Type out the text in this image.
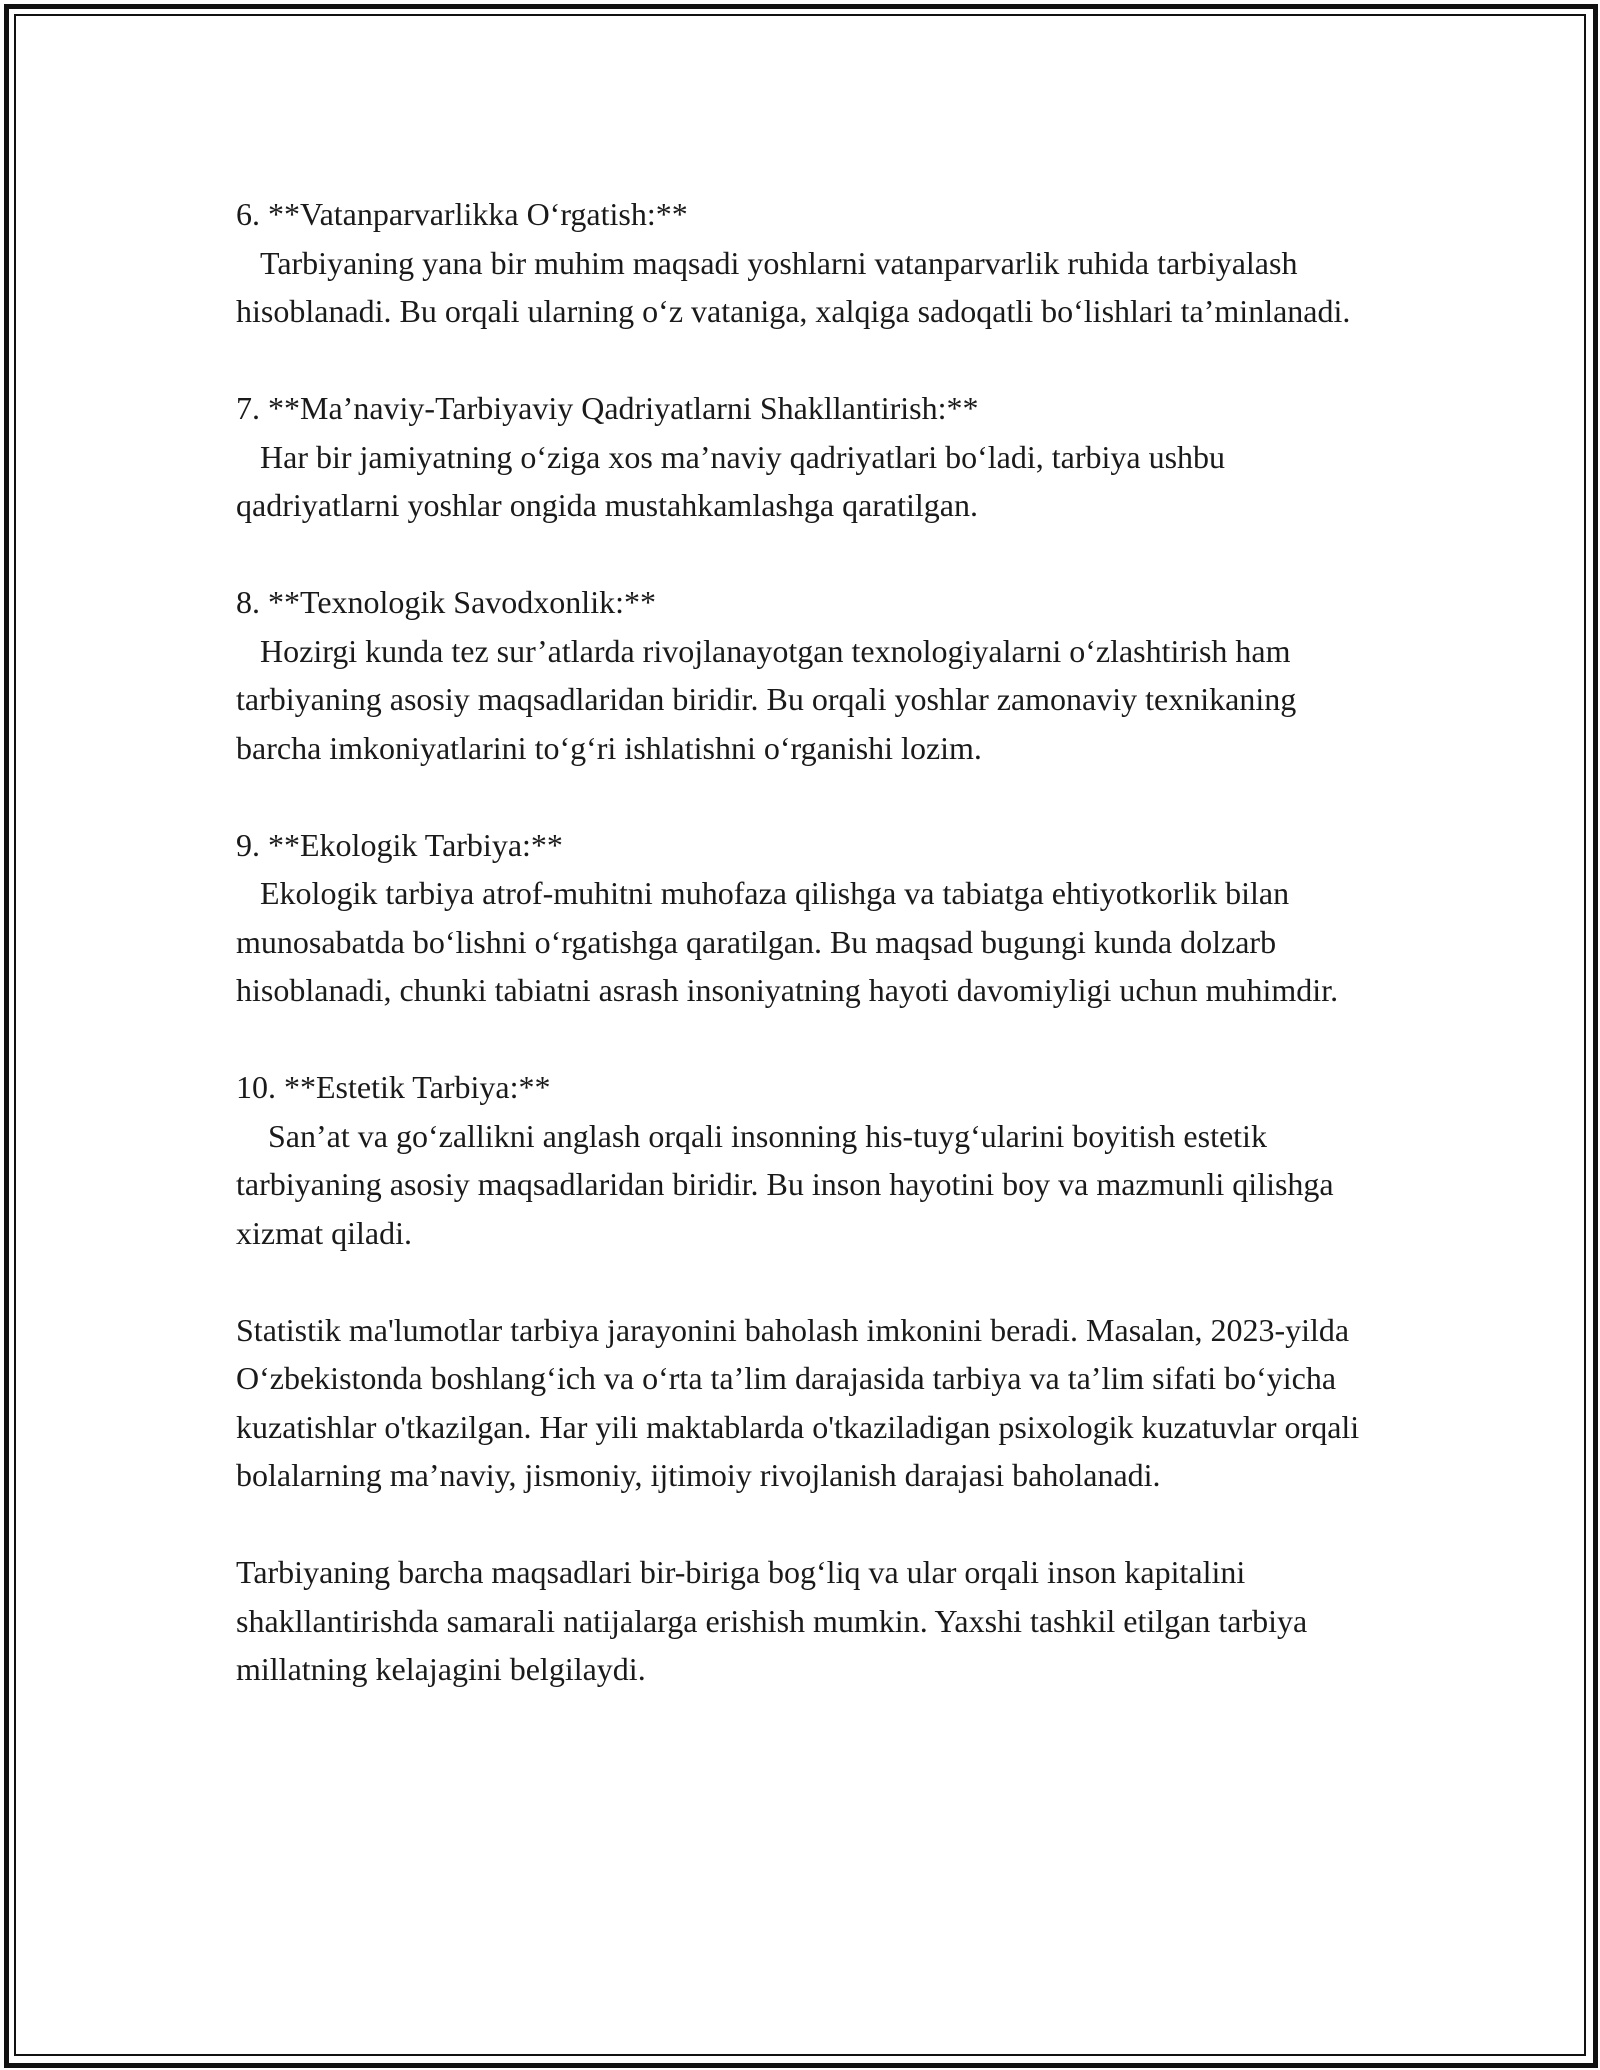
6. **Vatanparvarlikka O‘rgatish:**
Tarbiyaning yana bir muhim maqsadi yoshlarni vatanparvarlik ruhida tarbiyalash hisoblanadi. Bu orqali ularning o‘z vataniga, xalqiga sadoqatli bo‘lishlari ta’minlanadi.
7. **Ma’naviy-Tarbiyaviy Qadriyatlarni Shakllantirish:**
Har bir jamiyatning o‘ziga xos ma’naviy qadriyatlari bo‘ladi, tarbiya ushbu qadriyatlarni yoshlar ongida mustahkamlashga qaratilgan.
8. **Texnologik Savodxonlik:**
Hozirgi kunda tez sur’atlarda rivojlanayotgan texnologiyalarni o‘zlashtirish ham tarbiyaning asosiy maqsadlaridan biridir. Bu orqali yoshlar zamonaviy texnikaning barcha imkoniyatlarini to‘g‘ri ishlatishni o‘rganishi lozim.
9. **Ekologik Tarbiya:**
Ekologik tarbiya atrof-muhitni muhofaza qilishga va tabiatga ehtiyotkorlik bilan munosabatda bo‘lishni o‘rgatishga qaratilgan. Bu maqsad bugungi kunda dolzarb hisoblanadi, chunki tabiatni asrash insoniyatning hayoti davomiyligi uchun muhimdir.
10. **Estetik Tarbiya:**
San’at va go‘zallikni anglash orqali insonning his-tuyg‘ularini boyitish estetik tarbiyaning asosiy maqsadlaridan biridir. Bu inson hayotini boy va mazmunli qilishga xizmat qiladi.
Statistik ma'lumotlar tarbiya jarayonini baholash imkonini beradi. Masalan, 2023-yilda O‘zbekistonda boshlang‘ich va o‘rta ta’lim darajasida tarbiya va ta’lim sifati bo‘yicha kuzatishlar o'tkazilgan. Har yili maktablarda o'tkaziladigan psixologik kuzatuvlar orqali bolalarning ma’naviy, jismoniy, ijtimoiy rivojlanish darajasi baholanadi.
Tarbiyaning barcha maqsadlari bir-biriga bog‘liq va ular orqali inson kapitalini shakllantirishda samarali natijalarga erishish mumkin. Yaxshi tashkil etilgan tarbiya millatning kelajagini belgilaydi.
